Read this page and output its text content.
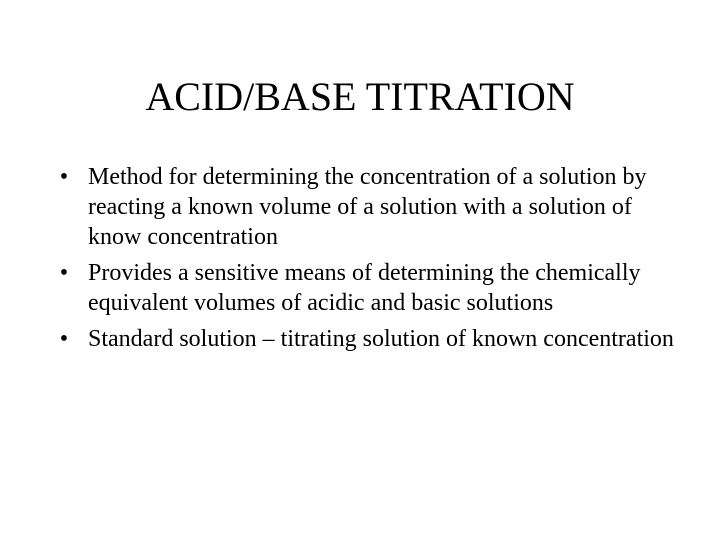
ACID/BASE TITRATION
• Method for determining the concentration of a solution by reacting a known volume of a solution with a solution of know concentration
• Provides a sensitive means of determining the chemically equivalent volumes of acidic and basic solutions
• Standard solution – titrating solution of known concentration
